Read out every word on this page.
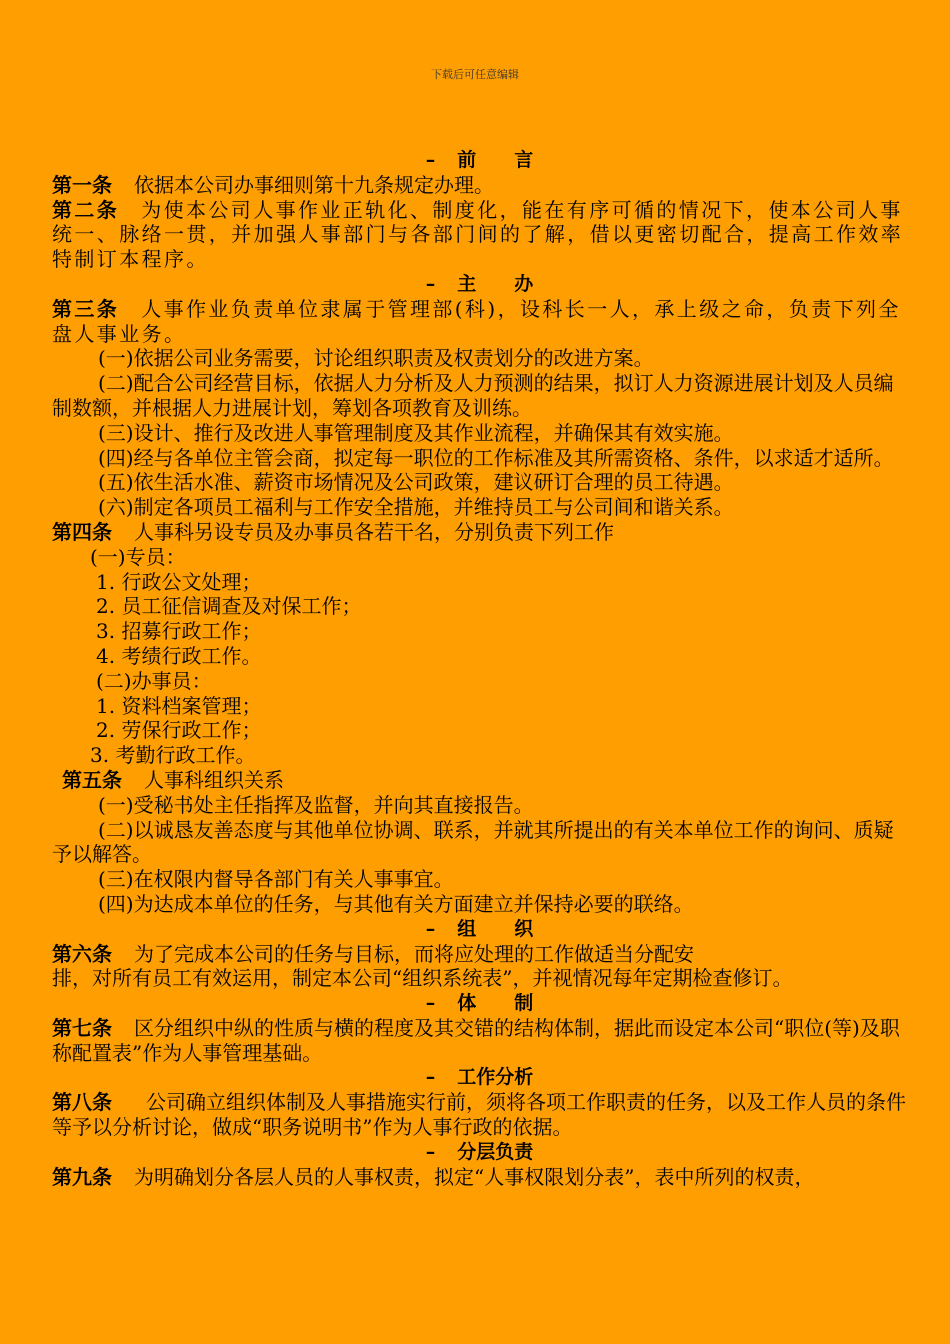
下载后可任意编辑

– 前　　言

第一条 依据本公司办事细则第十九条规定办理。

第二条 为使本公司人事作业正轨化、制度化，能在有序可循的情况下，使本公司人事统一、脉络一贯，并加强人事部门与各部门间的了解，借以更密切配合，提高工作效率特制订本程序。

– 主　　办

第三条 人事作业负责单位隶属于管理部(科)，设科长一人，承上级之命，负责下列全盘人事业务。

(一)依据公司业务需要，讨论组织职责及权责划分的改进方案。

(二)配合公司经营目标，依据人力分析及人力预测的结果，拟订人力资源进展计划及人员编制数额，并根据人力进展计划，筹划各项教育及训练。

(三)设计、推行及改进人事管理制度及其作业流程，并确保其有效实施。

(四)经与各单位主管会商，拟定每一职位的工作标准及其所需资格、条件，以求适才适所。

(五)依生活水准、薪资市场情况及公司政策，建议研订合理的员工待遇。

(六)制定各项员工福利与工作安全措施，并维持员工与公司间和谐关系。

第四条 人事科另设专员及办事员各若干名，分别负责下列工作

(一)专员：

1. 行政公文处理；

2. 员工征信调查及对保工作；

3. 招募行政工作；

4. 考绩行政工作。

(二)办事员：

1. 资料档案管理；

2. 劳保行政工作；

3. 考勤行政工作。

第五条 人事科组织关系

(一)受秘书处主任指挥及监督，并向其直接报告。

(二)以诚恳友善态度与其他单位协调、联系，并就其所提出的有关本单位工作的询问、质疑予以解答。

(三)在权限内督导各部门有关人事事宜。

(四)为达成本单位的任务，与其他有关方面建立并保持必要的联络。

– 组　　织

第六条 为了完成本公司的任务与目标，而将应处理的工作做适当分配安

排，对所有员工有效运用，制定本公司“组织系统表”，并视情况每年定期检查修订。

– 体　　制

第七条 区分组织中纵的性质与横的程度及其交错的结构体制，据此而设定本公司“职位(等)及职称配置表”作为人事管理基础。

– 工作分析

第八条 公司确立组织体制及人事措施实行前，须将各项工作职责的任务，以及工作人员的条件等予以分析讨论，做成“职务说明书”作为人事行政的依据。

– 分层负责

第九条 为明确划分各层人员的人事权责，拟定“人事权限划分表”，表中所列的权责，
